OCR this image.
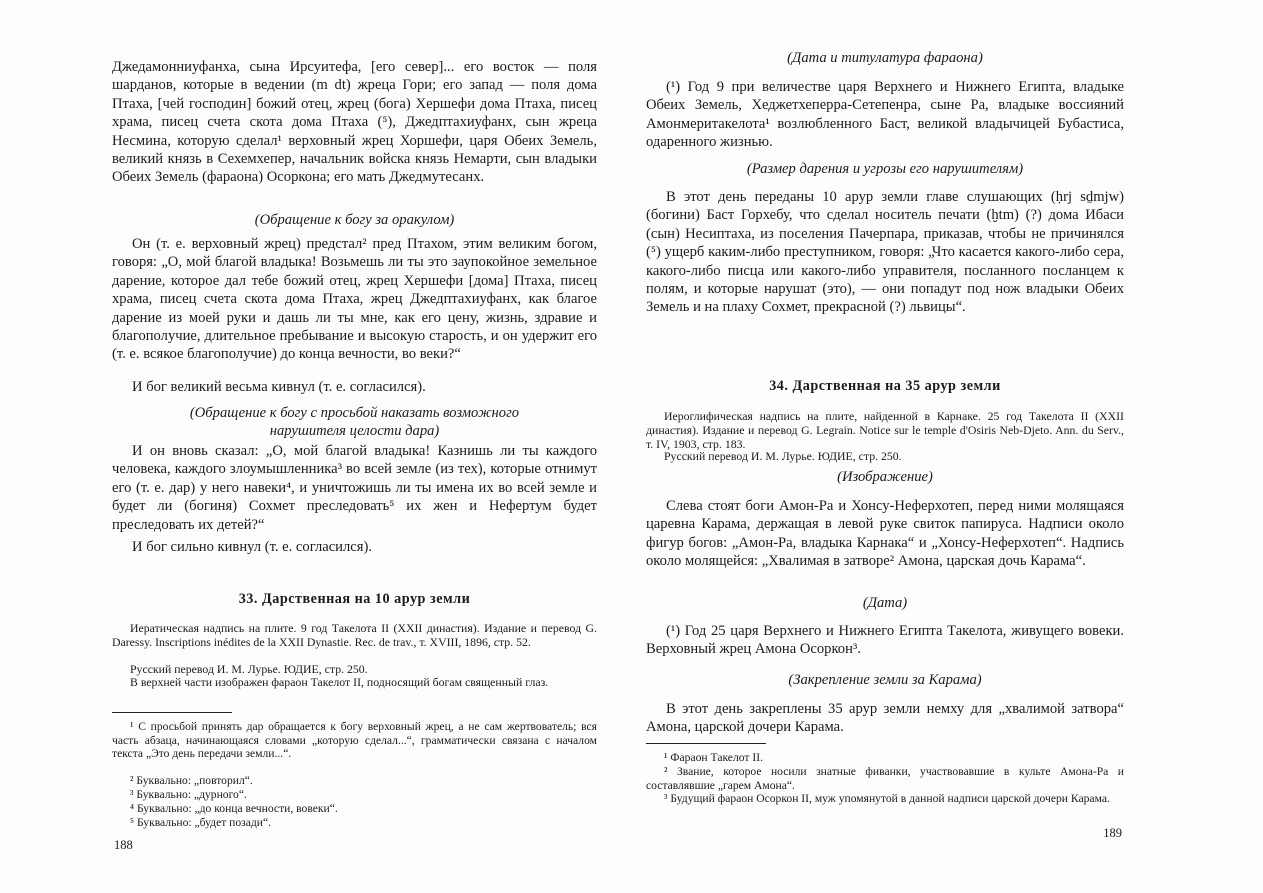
Джедамонниуфанха, сына Ирсуитефа, [его север]... его восток — поля шарданов, которые в ведении (m dt) жреца Гори; его запад — поля дома Птаха, [чей господин] божий отец, жрец (бога) Хершефи дома Птаха, писец храма, писец счета скота дома Птаха (⁵), Джедптахиуфанх, сын жреца Несмина, которую сделал¹ верховный жрец Хоршефи, царя Обеих Земель, великий князь в Сехемхепер, начальник войска князь Немарти, сын владыки Обеих Земель (фараона) Осоркона; его мать Джедмутесанх.

(Обращение к богу за оракулом)

Он (т. е. верховный жрец) предстал² пред Птахом, этим великим богом, говоря: „О, мой благой владыка! Возьмешь ли ты это заупокойное земельное дарение, которое дал тебе божий отец, жрец Хершефи [дома] Птаха, писец храма, писец счета скота дома Птаха, жрец Джедптахиуфанх, как благое дарение из моей руки и дашь ли ты мне, как его цену, жизнь, здравие и благополучие, длительное пребывание и высокую старость, и он удержит его (т. е. всякое благополучие) до конца вечности, во веки?“

И бог великий весьма кивнул (т. е. согласился).

(Обращение к богу с просьбой наказать возможного нарушителя целости дара)

И он вновь сказал: „О, мой благой владыка! Казнишь ли ты каждого человека, каждого злоумышленника³ во всей земле (из тех), которые отнимут его (т. е. дар) у него навеки⁴, и уничтожишь ли ты имена их во всей земле и будет ли (богиня) Сохмет преследовать⁵ их жен и Нефертум будет преследовать их детей?“

И бог сильно кивнул (т. е. согласился).

33. Дарственная на 10 арур земли

Иератическая надпись на плите. 9 год Такелота II (XXII династия). Издание и перевод G. Daressy. Inscriptions inédites de la XXII Dynastie. Rec. de trav., т. XVIII, 1896, стр. 52.

Русский перевод И. М. Лурье. ЮДИЕ, стр. 250.

В верхней части изображен фараон Такелот II, подносящий богам священный глаз.

¹ С просьбой принять дар обращается к богу верховный жрец, а не сам жертвователь; вся часть абзаца, начинающаяся словами „которую сделал...“, грамматически связана с началом текста „Это день передачи земли...“.

² Буквально: „повторил“.

³ Буквально: „дурного“.

⁴ Буквально: „до конца вечности, вовеки“.

⁵ Буквально: „будет позади“.

188

(Дата и титулатура фараона)

(¹) Год 9 при величестве царя Верхнего и Нижнего Египта, владыке Обеих Земель, Хеджетхеперра-Сетепенра, сыне Ра, владыке воссияний Амонмеритакелота¹ возлюбленного Баст, великой владычицей Бубастиса, одаренного жизнью.

(Размер дарения и угрозы его нарушителям)

В этот день переданы 10 арур земли главе слушающих (ḥrj sḏmjw) (богини) Баст Горхебу, что сделал носитель печати (ḫtm) (?) дома Ибаси (сын) Несиптаха, из поселения Пачерпара, приказав, чтобы не причинялся (⁵) ущерб каким-либо преступником, говоря: „Что касается какого-либо сера, какого-либо писца или какого-либо управителя, посланного посланцем к полям, и которые нарушат (это), — они попадут под нож владыки Обеих Земель и на плаху Сохмет, прекрасной (?) львицы“.

34. Дарственная на 35 арур земли

Иероглифическая надпись на плите, найденной в Карнаке. 25 год Такелота II (XXII династия). Издание и перевод G. Legrain. Notice sur le temple d'Osiris Neb-Djeto. Ann. du Serv., т. IV, 1903, стр. 183.

Русский перевод И. М. Лурье. ЮДИЕ, стр. 250.

(Изображение)

Слева стоят боги Амон-Ра и Хонсу-Неферхотеп, перед ними молящаяся царевна Карама, держащая в левой руке свиток папируса. Надписи около фигур богов: „Амон-Ра, владыка Карнака“ и „Хонсу-Неферхотеп“. Надпись около молящейся: „Хвалимая в затворе² Амона, царская дочь Карама“.

(Дата)

(¹) Год 25 царя Верхнего и Нижнего Египта Такелота, живущего вовеки. Верховный жрец Амона Осоркон³.

(Закрепление земли за Карама)

В этот день закреплены 35 арур земли немху для „хвалимой затвора“ Амона, царской дочери Карама.

¹ Фараон Такелот II.

² Звание, которое носили знатные фиванки, участвовавшие в культе Амона-Ра и составлявшие „гарем Амона“.

³ Будущий фараон Осоркон II, муж упомянутой в данной надписи царской дочери Карама.

189
